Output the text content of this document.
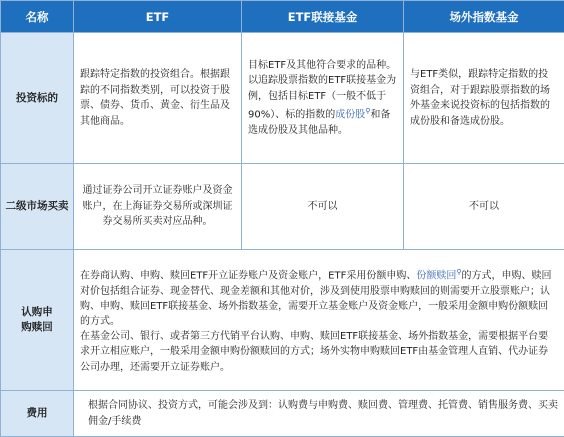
名称	ETF	ETF联接基金	场外指数基金
投资标的	跟踪特定指数的投资组合。根据跟踪的不同指数类别，可以投资于股票、债券、货币、黄金、衍生品及其他商品。	目标ETF及其他符合要求的品种。以追踪股票指数的ETF联接基金为例，包括目标ETF（一般不低于90%）、标的指数的成份股⚲和备选成份股及其他品种。	与ETF类似，跟踪特定指数的投资组合，对于跟踪股票指数的场外基金来说投资标的包括指数的成份股和备选成份股。
二级市场买卖	通过证券公司开立证券账户及资金账户，在上海证券交易所或深圳证券交易所买卖对应品种。	不可以	不可以
认购申购赎回	在券商认购、申购、赎回ETF开立证券账户及资金账户，ETF采用份额申购、份额赎回⚲的方式，申购、赎回对价包括组合证券、现金替代、现金差额和其他对价，涉及到使用股票申购赎回的则需要开立股票账户；认购、申购、赎回ETF联接基金、场外指数基金，需要开立基金账户及资金账户，一般采用金额申购份额赎回的方式。
在基金公司、银行、或者第三方代销平台认购、申购、赎回ETF联接基金、场外指数基金，需要根据平台要求开立相应账户，一般采用金额申购份额赎回的方式；场外实物申购赎回ETF由基金管理人直销、代办证券公司办理，还需要开立证券账户。		
费用	根据合同协议、投资方式，可能会涉及到：认购费与申购费、赎回费、管理费、托管费、销售服务费、买卖佣金/手续费		
